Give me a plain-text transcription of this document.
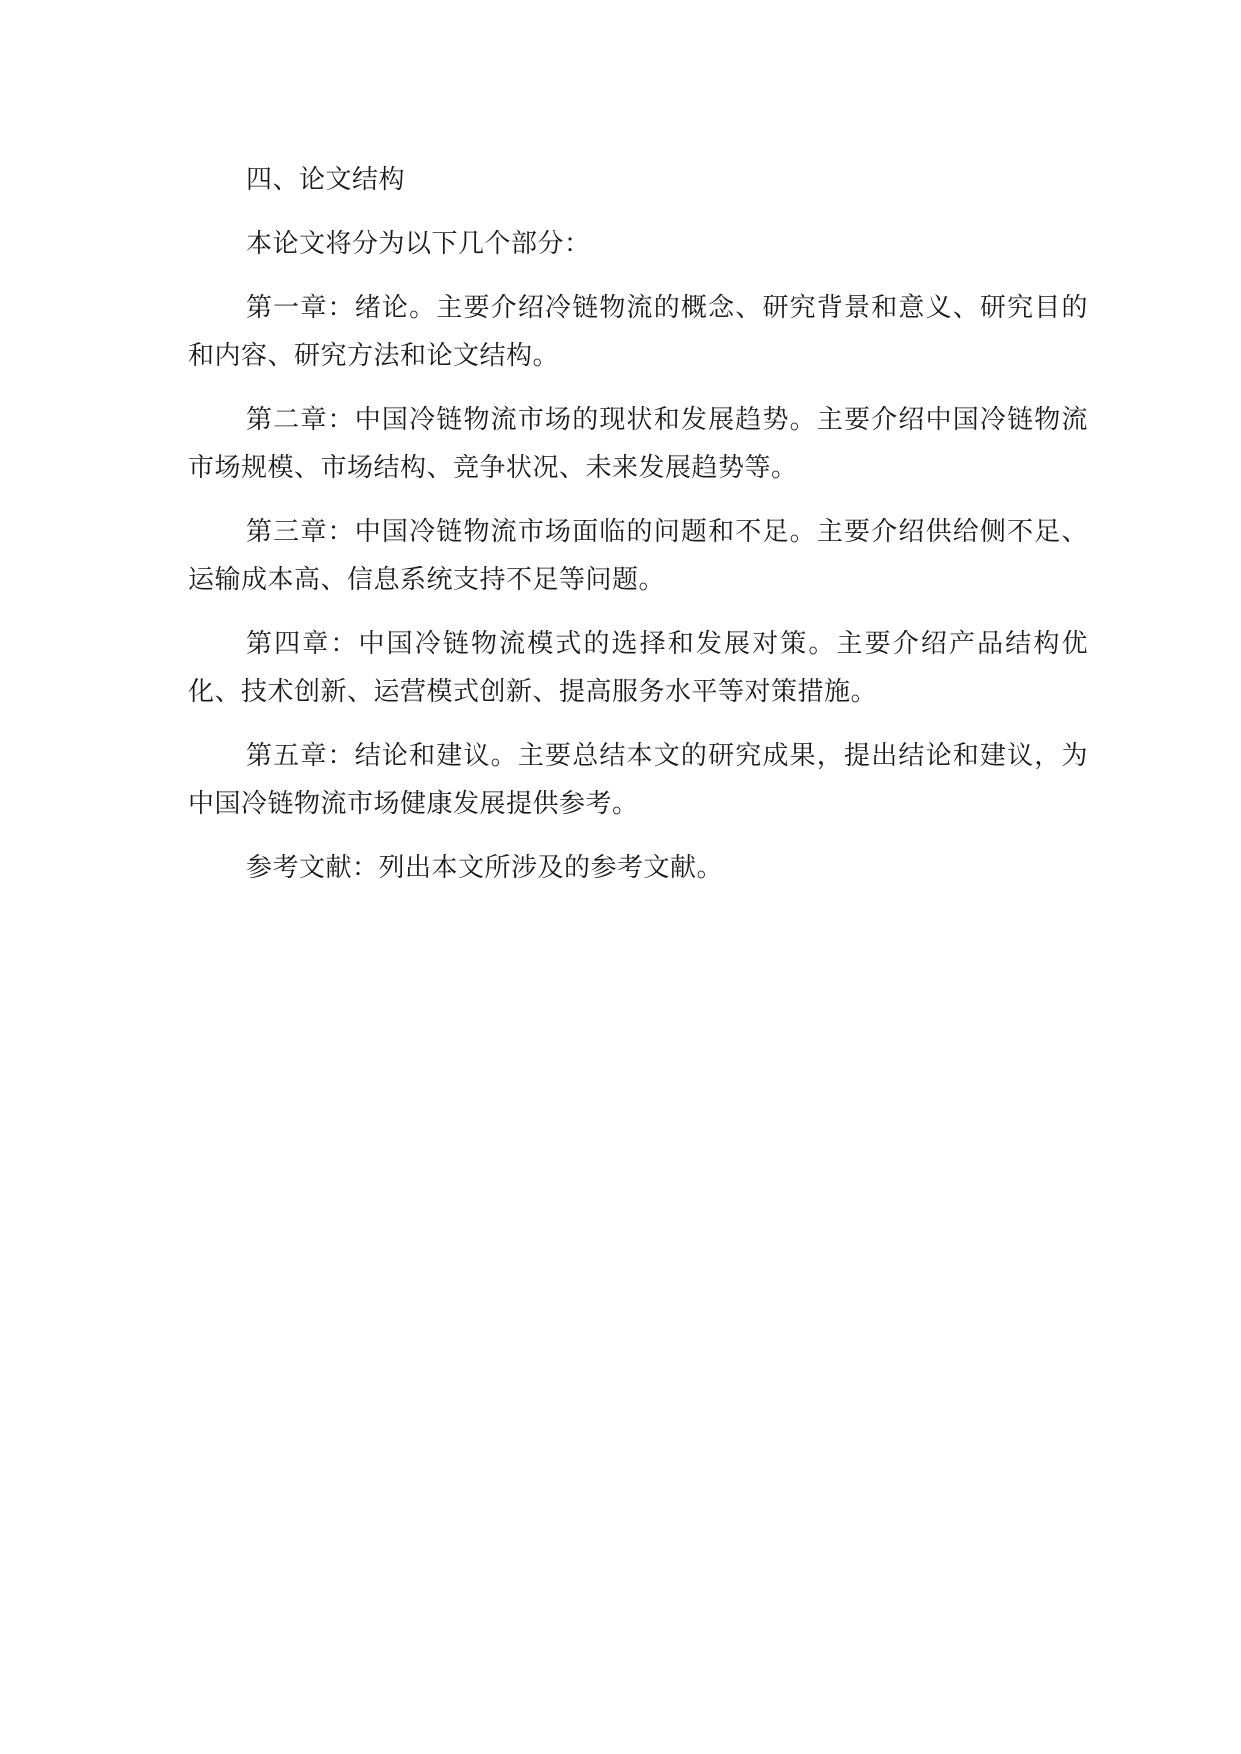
四、论文结构

本论文将分为以下几个部分：

第一章：绪论。主要介绍冷链物流的概念、研究背景和意义、研究目的和内容、研究方法和论文结构。

第二章：中国冷链物流市场的现状和发展趋势。主要介绍中国冷链物流市场规模、市场结构、竞争状况、未来发展趋势等。

第三章：中国冷链物流市场面临的问题和不足。主要介绍供给侧不足、运输成本高、信息系统支持不足等问题。

第四章：中国冷链物流模式的选择和发展对策。主要介绍产品结构优化、技术创新、运营模式创新、提高服务水平等对策措施。

第五章：结论和建议。主要总结本文的研究成果，提出结论和建议，为中国冷链物流市场健康发展提供参考。

参考文献：列出本文所涉及的参考文献。
